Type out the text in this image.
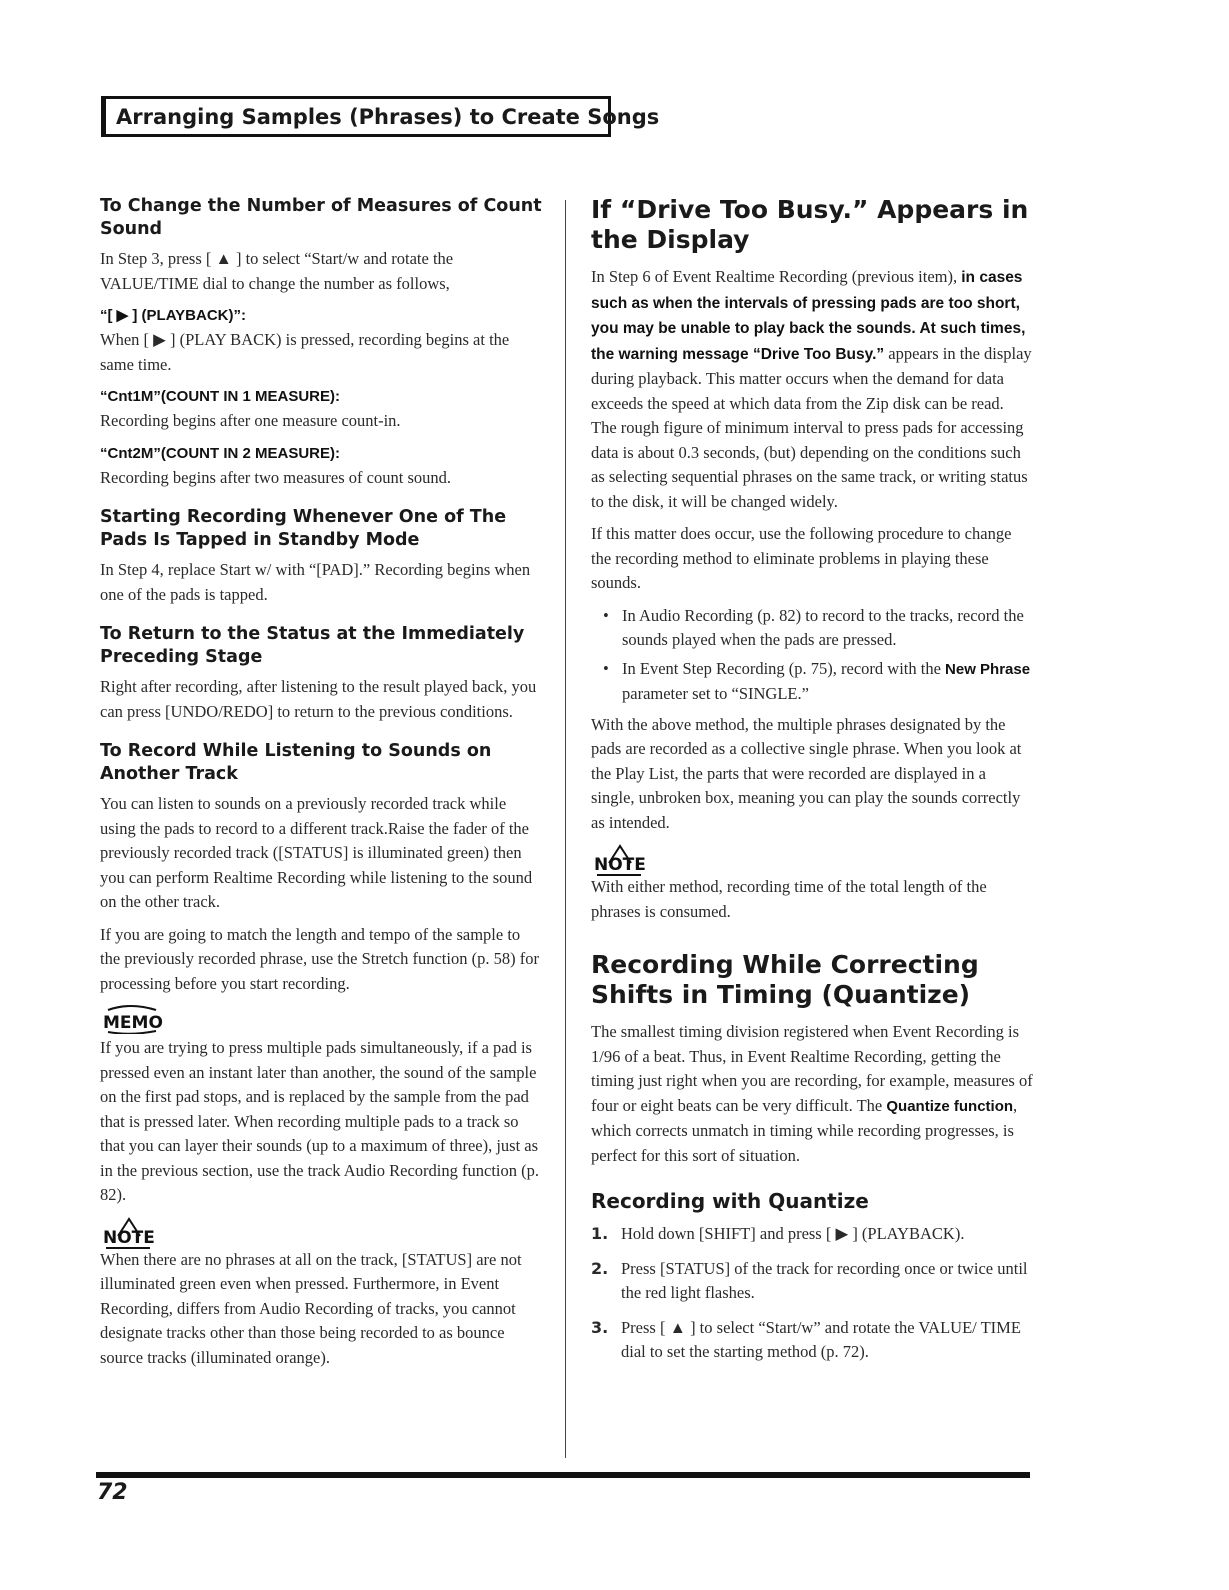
Arranging Samples (Phrases) to Create Songs
To Change the Number of Measures of Count Sound

In Step 3, press [ ▲ ] to select “Start/w and rotate the VALUE/TIME dial to change the number as follows,

“[ ▶ ] (PLAYBACK)”:

When [ ▶ ] (PLAY BACK) is pressed, recording begins at the same time.

“Cnt1M”(COUNT IN 1 MEASURE):

Recording begins after one measure count-in.

“Cnt2M”(COUNT IN 2 MEASURE):

Recording begins after two measures of count sound.

Starting Recording Whenever One of The Pads Is Tapped in Standby Mode

In Step 4, replace Start w/ with “[PAD].” Recording begins when one of the pads is tapped.

To Return to the Status at the Immediately Preceding Stage

Right after recording, after listening to the result played back, you can press [UNDO/REDO] to return to the previous conditions.

To Record While Listening to Sounds on Another Track

You can listen to sounds on a previously recorded track while using the pads to record to a different track.Raise the fader of the previously recorded track ([STATUS] is illuminated green) then you can perform Realtime Recording while listening to the sound on the other track.

If you are going to match the length and tempo of the sample to the previously recorded phrase, use the Stretch function (p. 58) for processing before you start recording.

MEMO

If you are trying to press multiple pads simultaneously, if a pad is pressed even an instant later than another, the sound of the sample on the first pad stops, and is replaced by the sample from the pad that is pressed later. When recording multiple pads to a track so that you can layer their sounds (up to a maximum of three), just as in the previous section, use the track Audio Recording function (p. 82).

NOTE

When there are no phrases at all on the track, [STATUS] are not illuminated green even when pressed. Furthermore, in Event Recording, differs from Audio Recording of tracks, you cannot designate tracks other than those being recorded to as bounce source tracks (illuminated orange).

If “Drive Too Busy.” Appears in the Display

In Step 6 of Event Realtime Recording (previous item), in cases such as when the intervals of pressing pads are too short, you may be unable to play back the sounds. At such times, the warning message “Drive Too Busy.” appears in the display during playback. This matter occurs when the demand for data exceeds the speed at which data from the Zip disk can be read. The rough figure of minimum interval to press pads for accessing data is about 0.3 seconds, (but) depending on the conditions such as selecting sequential phrases on the same track, or writing status to the disk, it will be changed widely.

If this matter does occur, use the following procedure to change the recording method to eliminate problems in playing these sounds.

• In Audio Recording (p. 82) to record to the tracks, record the sounds played when the pads are pressed.
• In Event Step Recording (p. 75), record with the New Phrase parameter set to “SINGLE.”

With the above method, the multiple phrases designated by the pads are recorded as a collective single phrase. When you look at the Play List, the parts that were recorded are displayed in a single, unbroken box, meaning you can play the sounds correctly as intended.

NOTE

With either method, recording time of the total length of the phrases is consumed.

Recording While Correcting Shifts in Timing (Quantize)

The smallest timing division registered when Event Recording is 1/96 of a beat. Thus, in Event Realtime Recording, getting the timing just right when you are recording, for example, measures of four or eight beats can be very difficult. The Quantize function, which corrects unmatch in timing while recording progresses, is perfect for this sort of situation.

Recording with Quantize
1. Hold down [SHIFT] and press [ ▶ ] (PLAYBACK).
2. Press [STATUS] of the track for recording once or twice until the red light flashes.
3. Press [ ▲ ] to select “Start/w” and rotate the VALUE/ TIME dial to set the starting method (p. 72).
72
